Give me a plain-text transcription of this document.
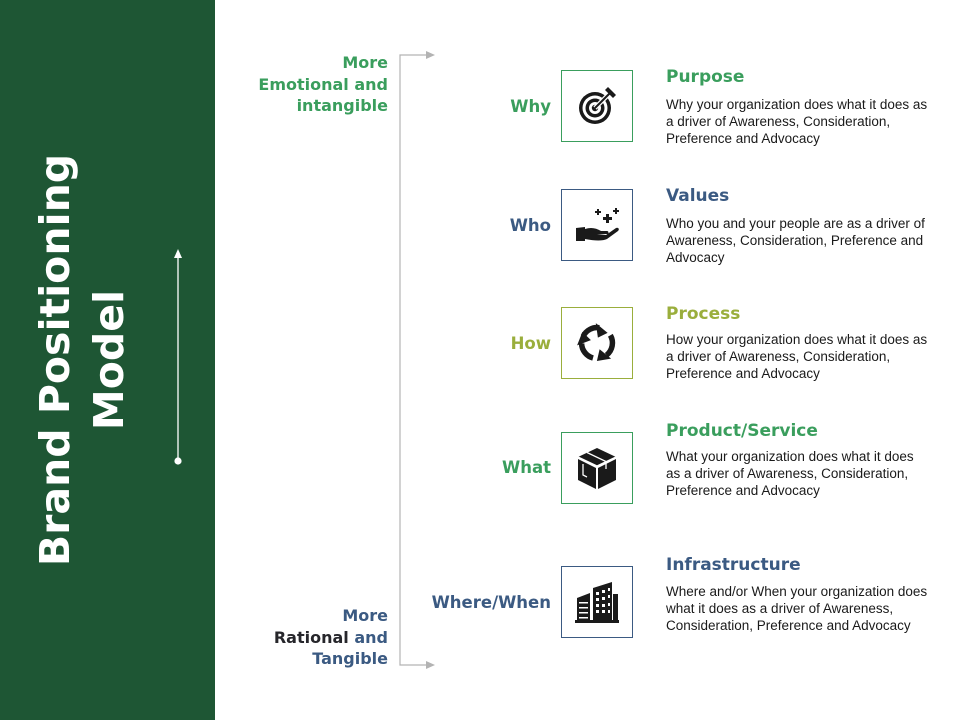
Brand Positioning Model
More
Emotional and
intangible
More
Rational and
Tangible
Why
Purpose
Why your organization does what it does as a driver of Awareness, Consideration, Preference and Advocacy
Who
Values
Who you and your people are as a driver of Awareness, Consideration, Preference and Advocacy
How
Process
How your organization does what it does as a driver of Awareness, Consideration, Preference and Advocacy
What
Product/Service
What your organization does what it does as a driver of Awareness, Consideration, Preference and Advocacy
Where/When
Infrastructure
Where and/or When your organization does what it does as a driver of Awareness, Consideration, Preference and Advocacy
